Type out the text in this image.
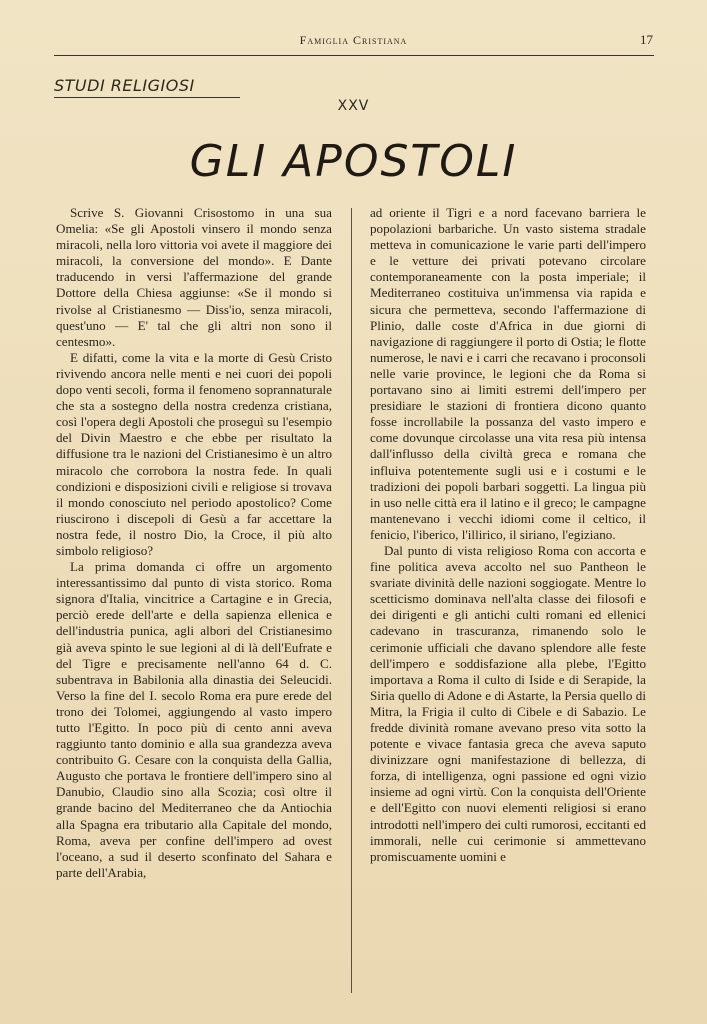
Famiglia Cristiana	17
STUDI RELIGIOSI
XXV
GLI APOSTOLI

Scrive S. Giovanni Crisostomo in una sua Omelia: «Se gli Apostoli vinsero il mondo senza miracoli, nella loro vittoria voi avete il maggiore dei miracoli, la conversione del mondo». E Dante traducendo in versi l'affermazione del grande Dottore della Chiesa aggiunse: «Se il mondo si rivolse al Cristianesmo — Diss'io, senza miracoli, quest'uno — E' tal che gli altri non sono il centesmo».

E difatti, come la vita e la morte di Gesù Cristo rivivendo ancora nelle menti e nei cuori dei popoli dopo venti secoli, forma il fenomeno soprannaturale che sta a sostegno della nostra credenza cristiana, così l'opera degli Apostoli che proseguì su l'esempio del Divin Maestro e che ebbe per risultato la diffusione tra le nazioni del Cristianesimo è un altro miracolo che corrobora la nostra fede. In quali condizioni e disposizioni civili e religiose si trovava il mondo conosciuto nel periodo apostolico? Come riuscirono i discepoli di Gesù a far accettare la nostra fede, il nostro Dio, la Croce, il più alto simbolo religioso?

La prima domanda ci offre un argomento interessantissimo dal punto di vista storico. Roma signora d'Italia, vincitrice a Cartagine e in Grecia, perciò erede dell'arte e della sapienza ellenica e dell'industria punica, agli albori del Cristianesimo già aveva spinto le sue legioni al di là dell'Eufrate e del Tigre e precisamente nell'anno 64 d. C. subentrava in Babilonia alla dinastia dei Seleucidi. Verso la fine del I. secolo Roma era pure erede del trono dei Tolomei, aggiungendo al vasto impero tutto l'Egitto. In poco più di cento anni aveva raggiunto tanto dominio e alla sua grandezza aveva contribuito G. Cesare con la conquista della Gallia, Augusto che portava le frontiere dell'impero sino al Danubio, Claudio sino alla Scozia; così oltre il grande bacino del Mediterraneo che da Antiochia alla Spagna era tributario alla Capitale del mondo, Roma, aveva per confine dell'impero ad ovest l'oceano, a sud il deserto sconfinato del Sahara e parte dell'Arabia,

ad oriente il Tigri e a nord facevano barriera le popolazioni barbariche. Un vasto sistema stradale metteva in comunicazione le varie parti dell'impero e le vetture dei privati potevano circolare contemporaneamente con la posta imperiale; il Mediterraneo costituiva un'immensa via rapida e sicura che permetteva, secondo l'affermazione di Plinio, dalle coste d'Africa in due giorni di navigazione di raggiungere il porto di Ostia; le flotte numerose, le navi e i carri che recavano i proconsoli nelle varie province, le legioni che da Roma si portavano sino ai limiti estremi dell'impero per presidiare le stazioni di frontiera dicono quanto fosse incrollabile la possanza del vasto impero e come dovunque circolasse una vita resa più intensa dall'influsso della civiltà greca e romana che influiva potentemente sugli usi e i costumi e le tradizioni dei popoli barbari soggetti. La lingua più in uso nelle città era il latino e il greco; le campagne mantenevano i vecchi idiomi come il celtico, il fenicio, l'iberico, l'illirico, il siriano, l'egiziano.

Dal punto di vista religioso Roma con accorta e fine politica aveva accolto nel suo Pantheon le svariate divinità delle nazioni soggiogate. Mentre lo scetticismo dominava nell'alta classe dei filosofi e dei dirigenti e gli antichi culti romani ed ellenici cadevano in trascuranza, rimanendo solo le cerimonie ufficiali che davano splendore alle feste dell'impero e soddisfazione alla plebe, l'Egitto importava a Roma il culto di Iside e di Serapide, la Siria quello di Adone e di Astarte, la Persia quello di Mitra, la Frigia il culto di Cibele e di Sabazio. Le fredde divinità romane avevano preso vita sotto la potente e vivace fantasia greca che aveva saputo divinizzare ogni manifestazione di bellezza, di forza, di intelligenza, ogni passione ed ogni vizio insieme ad ogni virtù. Con la conquista dell'Oriente e dell'Egitto con nuovi elementi religiosi si erano introdotti nell'impero dei culti rumorosi, eccitanti ed immorali, nelle cui cerimonie si ammettevano promiscuamente uomini e
